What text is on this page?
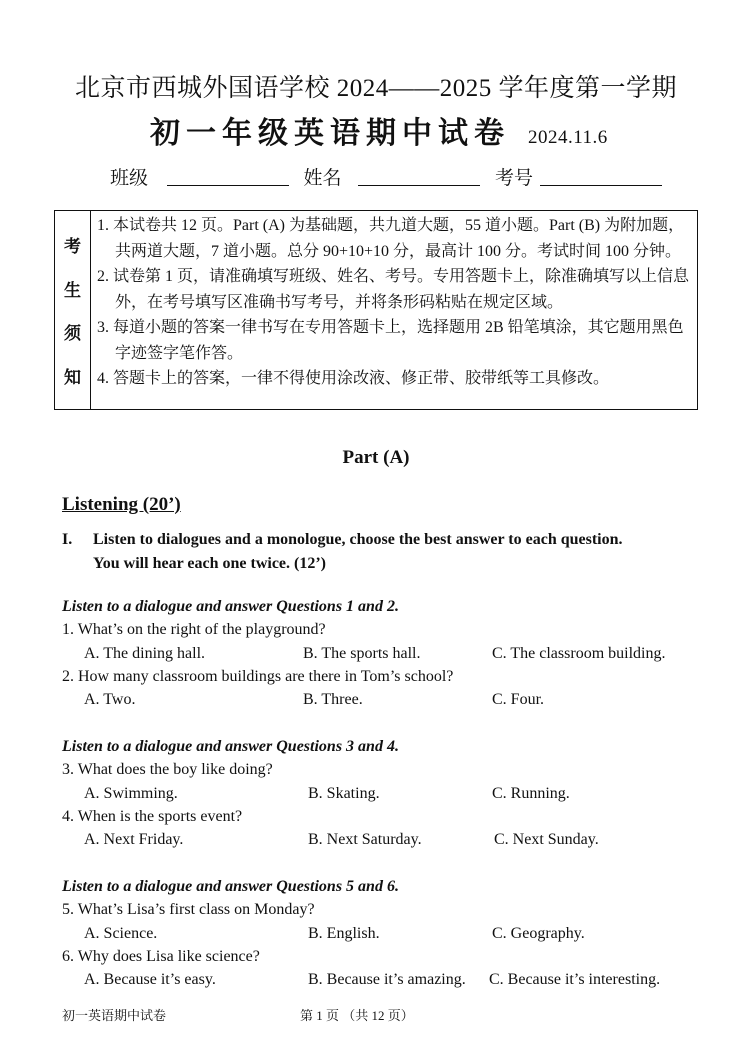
北京市西城外国语学校 2024——2025 学年度第一学期
初一年级英语期中试卷 2024.11.6
班级	姓名	考号
考
生
须
知
1. 本试卷共 12 页。Part (A) 为基础题，共九道大题，55 道小题。Part (B) 为附加题，共两道大题，7 道小题。总分 90+10+10 分，最高计 100 分。考试时间 100 分钟。
2. 试卷第 1 页，请准确填写班级、姓名、考号。专用答题卡上，除准确填写以上信息外，在考号填写区准确书写考号，并将条形码粘贴在规定区域。
3. 每道小题的答案一律书写在专用答题卡上，选择题用 2B 铅笔填涂，其它题用黑色字迹签字笔作答。
4. 答题卡上的答案，一律不得使用涂改液、修正带、胶带纸等工具修改。
Part (A)
Listening (20’)
I. Listen to dialogues and a monologue, choose the best answer to each question.
You will hear each one twice. (12’)
Listen to a dialogue and answer Questions 1 and 2.
1. What’s on the right of the playground?
A. The dining hall.	B. The sports hall.	C. The classroom building.
2. How many classroom buildings are there in Tom’s school?
A. Two.	B. Three.	C. Four.
Listen to a dialogue and answer Questions 3 and 4.
3. What does the boy like doing?
A. Swimming.	B. Skating.	C. Running.
4. When is the sports event?
A. Next Friday.	B. Next Saturday.	C. Next Sunday.
Listen to a dialogue and answer Questions 5 and 6.
5. What’s Lisa’s first class on Monday?
A. Science.	B. English.	C. Geography.
6. Why does Lisa like science?
A. Because it’s easy.	B. Because it’s amazing. C. Because it’s interesting.
初一英语期中试卷	第 1 页 （共 12 页）
